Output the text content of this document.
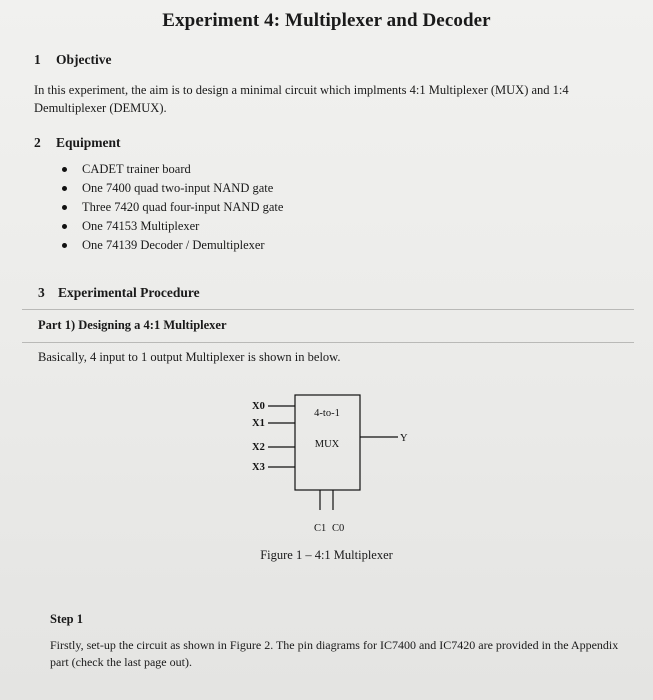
Experiment 4: Multiplexer and Decoder
1 Objective
In this experiment, the aim is to design a minimal circuit which implments 4:1 Multiplexer (MUX) and 1:4 Demultiplexer (DEMUX).
2 Equipment
CADET trainer board
One 7400 quad two-input NAND gate
Three 7420 quad four-input NAND gate
One 74153 Multiplexer
One 74139 Decoder / Demultiplexer
3 Experimental Procedure
Part 1) Designing a 4:1 Multiplexer
Basically, 4 input to 1 output Multiplexer is shown in below.
X0
X1
X2
X3
4-to-1
MUX
Y
C1 C0
Figure 1 – 4:1 Multiplexer
Step 1
Firstly, set-up the circuit as shown in Figure 2. The pin diagrams for IC7400 and IC7420 are provided in the Appendix part (check the last page out).
